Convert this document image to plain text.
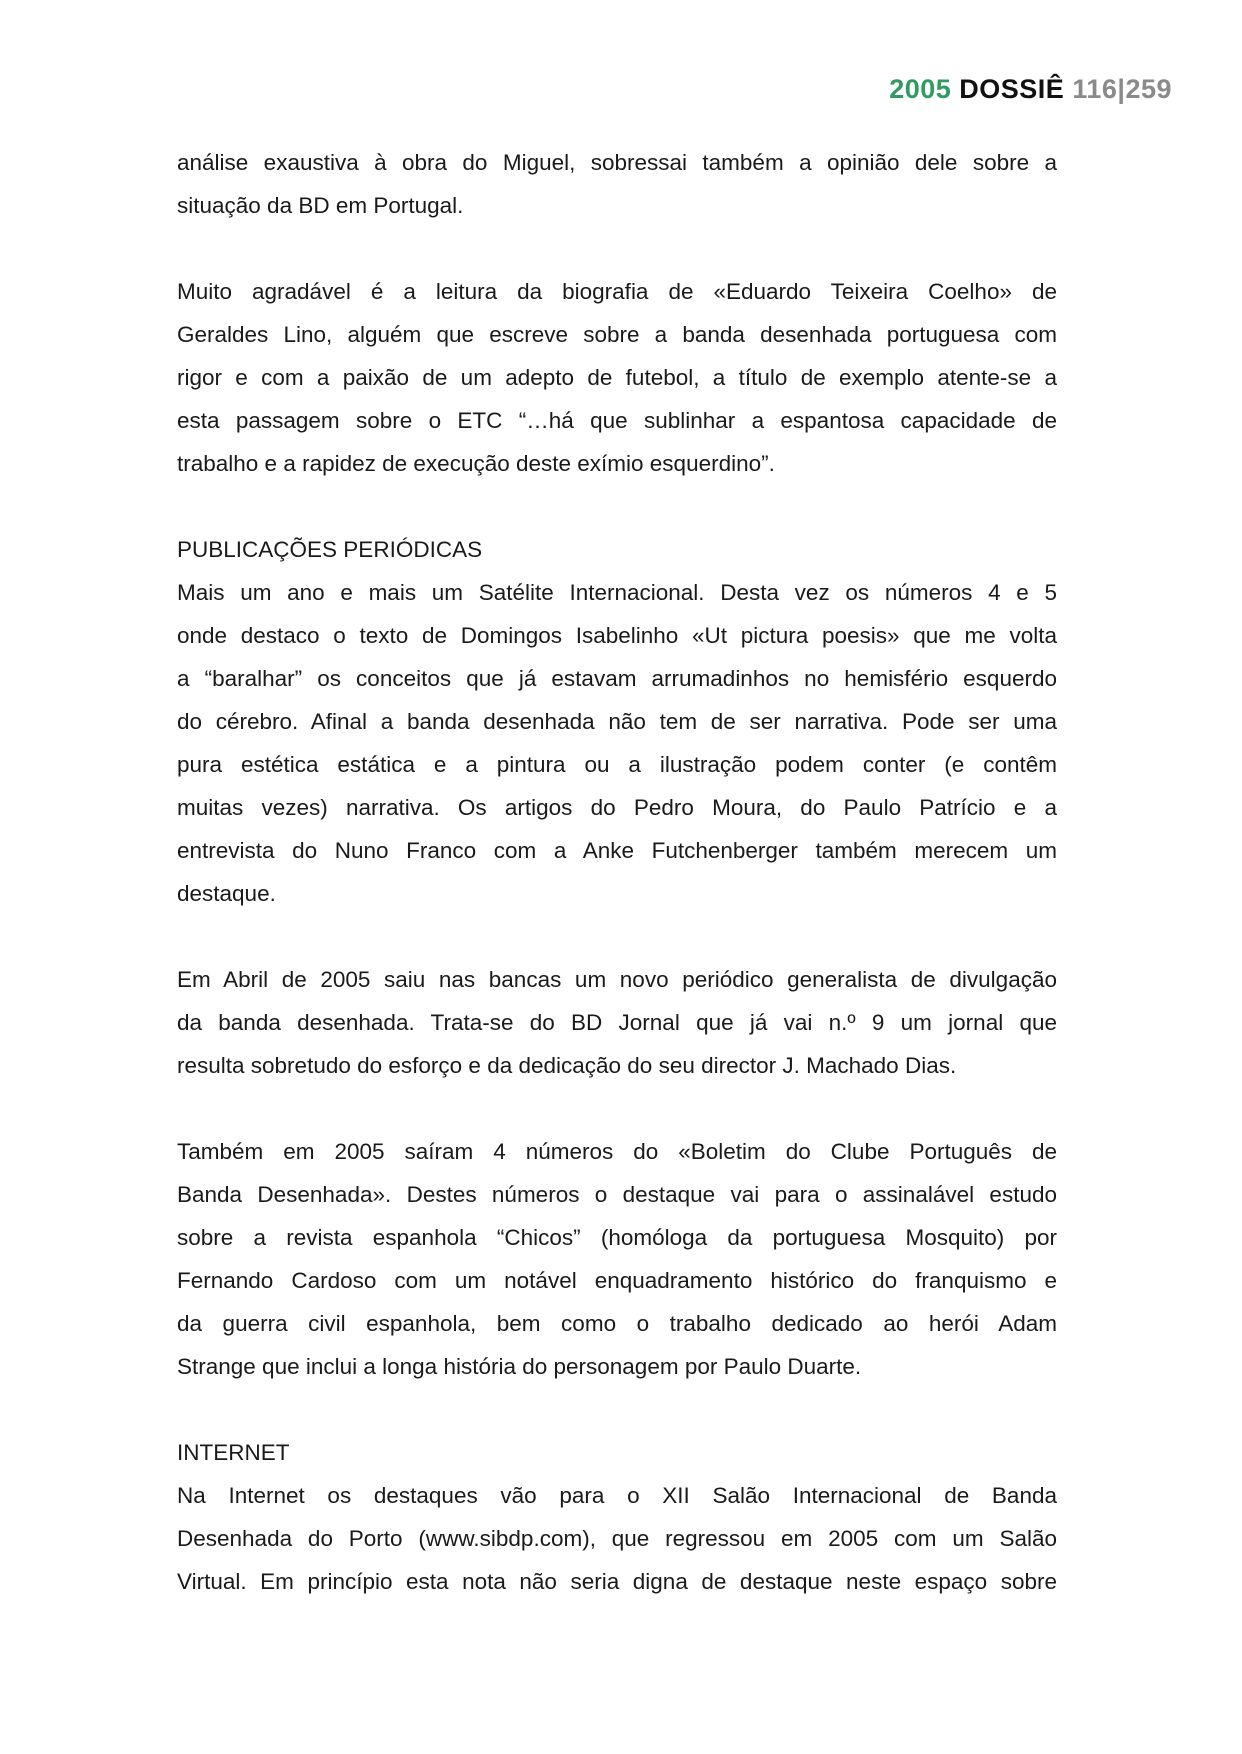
2005 DOSSIÊ 116|259
análise exaustiva à obra do Miguel, sobressai também a opinião dele sobre a
situação da BD em Portugal.
Muito agradável é a leitura da biografia de «Eduardo Teixeira Coelho» de
Geraldes Lino, alguém que escreve sobre a banda desenhada portuguesa com
rigor e com a paixão de um adepto de futebol, a título de exemplo atente-se a
esta passagem sobre o ETC “…há que sublinhar a espantosa capacidade de
trabalho e a rapidez de execução deste exímio esquerdino”.
PUBLICAÇÕES PERIÓDICAS
Mais um ano e mais um Satélite Internacional. Desta vez os números 4 e 5
onde destaco o texto de Domingos Isabelinho «Ut pictura poesis» que me volta
a “baralhar” os conceitos que já estavam arrumadinhos no hemisfério esquerdo
do cérebro. Afinal a banda desenhada não tem de ser narrativa. Pode ser uma
pura estética estática e a pintura ou a ilustração podem conter (e contêm
muitas vezes) narrativa. Os artigos do Pedro Moura, do Paulo Patrício e a
entrevista do Nuno Franco com a Anke Futchenberger também merecem um
destaque.
Em Abril de 2005 saiu nas bancas um novo periódico generalista de divulgação
da banda desenhada. Trata-se do BD Jornal que já vai n.º 9 um jornal que
resulta sobretudo do esforço e da dedicação do seu director J. Machado Dias.
Também em 2005 saíram 4 números do «Boletim do Clube Português de
Banda Desenhada». Destes números o destaque vai para o assinalável estudo
sobre a revista espanhola “Chicos” (homóloga da portuguesa Mosquito) por
Fernando Cardoso com um notável enquadramento histórico do franquismo e
da guerra civil espanhola, bem como o trabalho dedicado ao herói Adam
Strange que inclui a longa história do personagem por Paulo Duarte.
INTERNET
Na Internet os destaques vão para o XII Salão Internacional de Banda
Desenhada do Porto (www.sibdp.com), que regressou em 2005 com um Salão
Virtual. Em princípio esta nota não seria digna de destaque neste espaço sobre
